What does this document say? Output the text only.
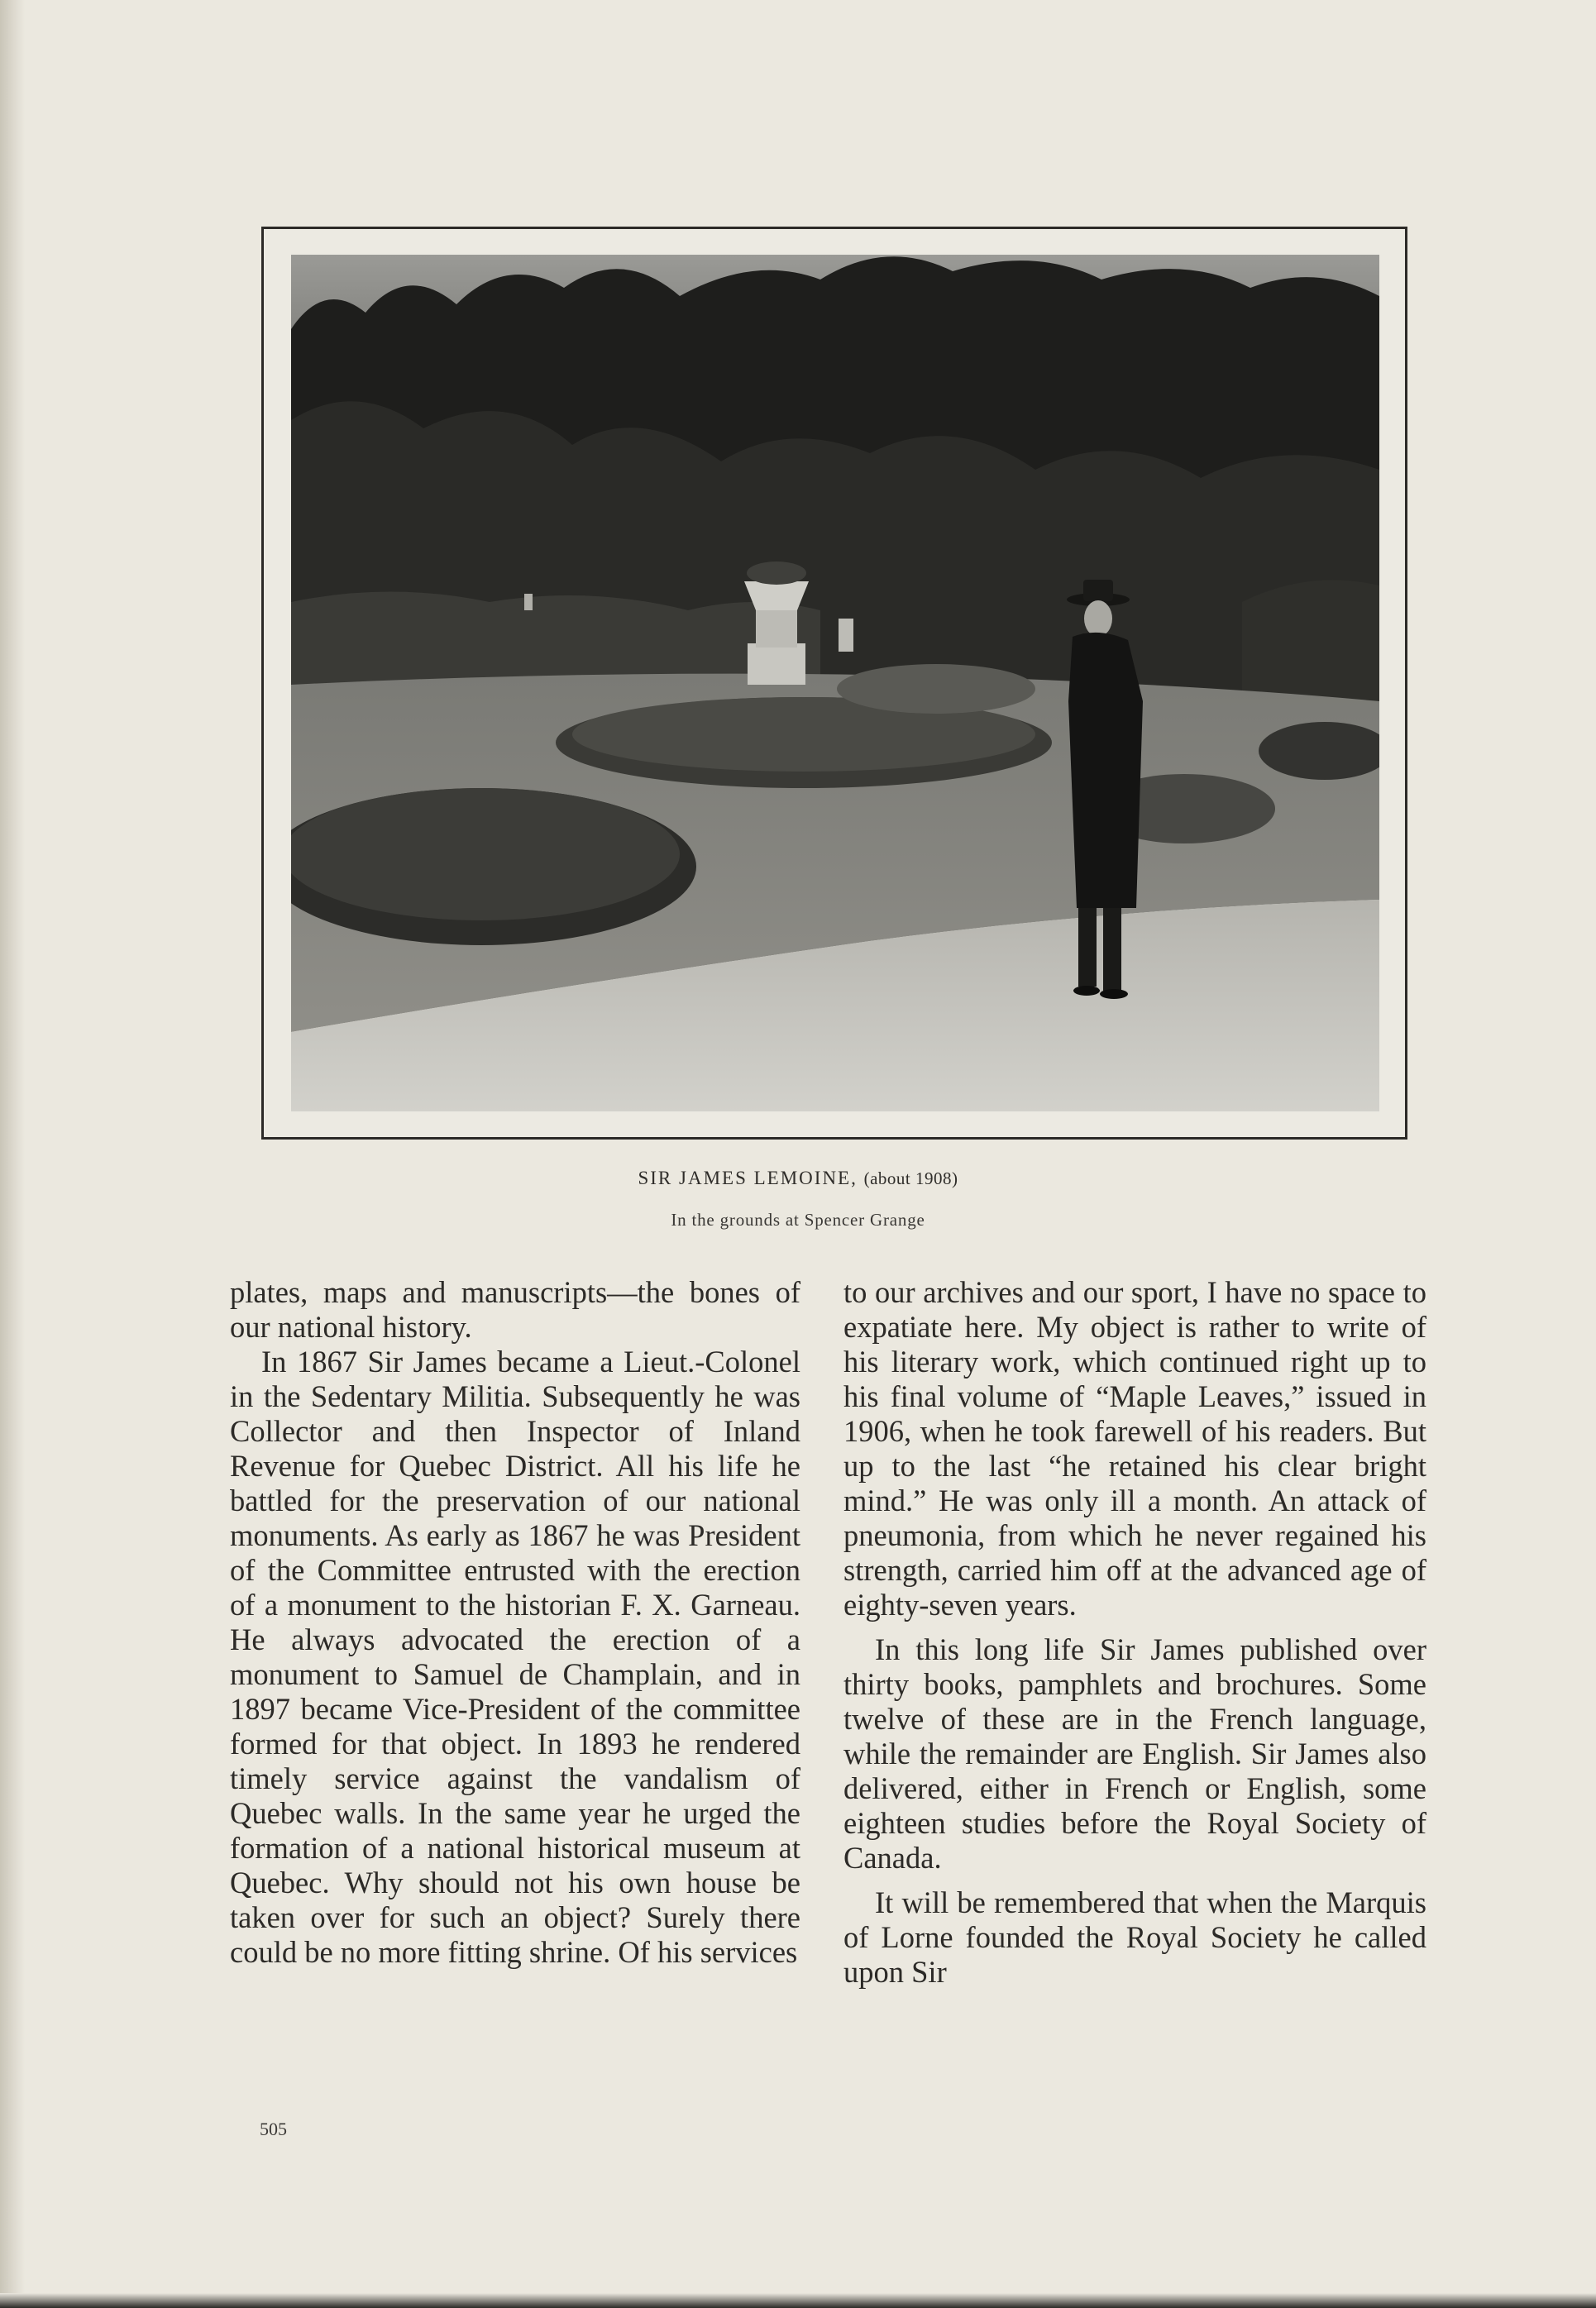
SIR JAMES LEMOINE, (about 1908)
In the grounds at Spencer Grange

plates, maps and manuscripts—the bones of our national history.

In 1867 Sir James became a Lieut.-Colonel in the Sedentary Militia. Subsequently he was Collector and then Inspector of Inland Revenue for Quebec District. All his life he battled for the preservation of our national monuments. As early as 1867 he was President of the Committee entrusted with the erection of a monument to the historian F. X. Garneau. He always advocated the erection of a monument to Samuel de Champlain, and in 1897 became Vice-President of the committee formed for that object. In 1893 he rendered timely service against the vandalism of Quebec walls. In the same year he urged the formation of a national historical museum at Quebec. Why should not his own house be taken over for such an object? Surely there could be no more fitting shrine. Of his services

to our archives and our sport, I have no space to expatiate here. My object is rather to write of his literary work, which continued right up to his final volume of “Maple Leaves,” issued in 1906, when he took farewell of his readers. But up to the last “he retained his clear bright mind.” He was only ill a month. An attack of pneumonia, from which he never regained his strength, carried him off at the advanced age of eighty-seven years.

In this long life Sir James published over thirty books, pamphlets and brochures. Some twelve of these are in the French language, while the remainder are English. Sir James also delivered, either in French or English, some eighteen studies before the Royal Society of Canada.

It will be remembered that when the Marquis of Lorne founded the Royal Society he called upon Sir

505
